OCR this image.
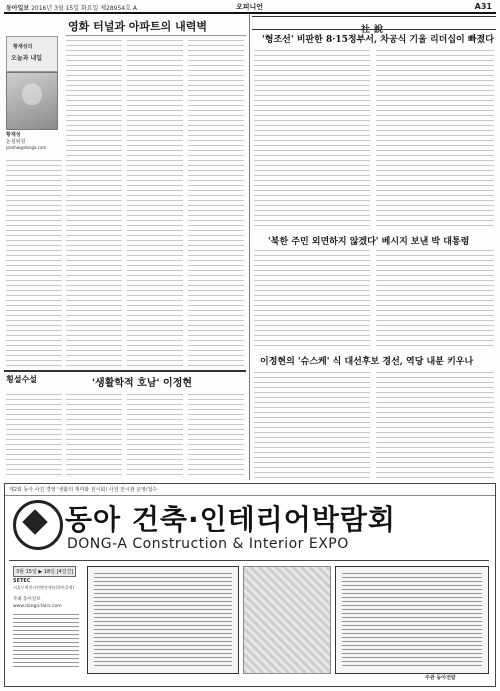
동아일보 2016년 3월 15일 화요일 제28954호 A	오피니언	A31
영화 터널과 아파트의 내력벽
황재성의
오늘과 내일
황재성
논설위원
jsonhw@donga.com
횡설수설	'생활학적 호남' 이정현
社說
'형조선' 비판한 8·15정부서, 차공식 기울 리더십이 빠졌다
'북한 주민 외면하지 않겠다' 베시지 보낸 박 대통령
이정현의 '슈스케' 식 대선후보 경선, 역당 내분 키우나
제2회 동아 사진 경영 '생활의 재미와 전시회! 사전 전시관 운영/접수
동아 건축·인테리어박람회
DONG-A Construction & Interior EXPO
3월 15일 ▶ 18일 [4일간]
SETEC
서울무역전시컨벤션센터(학여울역)
주최 동아일보
www.donga-fairs.com
주관 동아전람
